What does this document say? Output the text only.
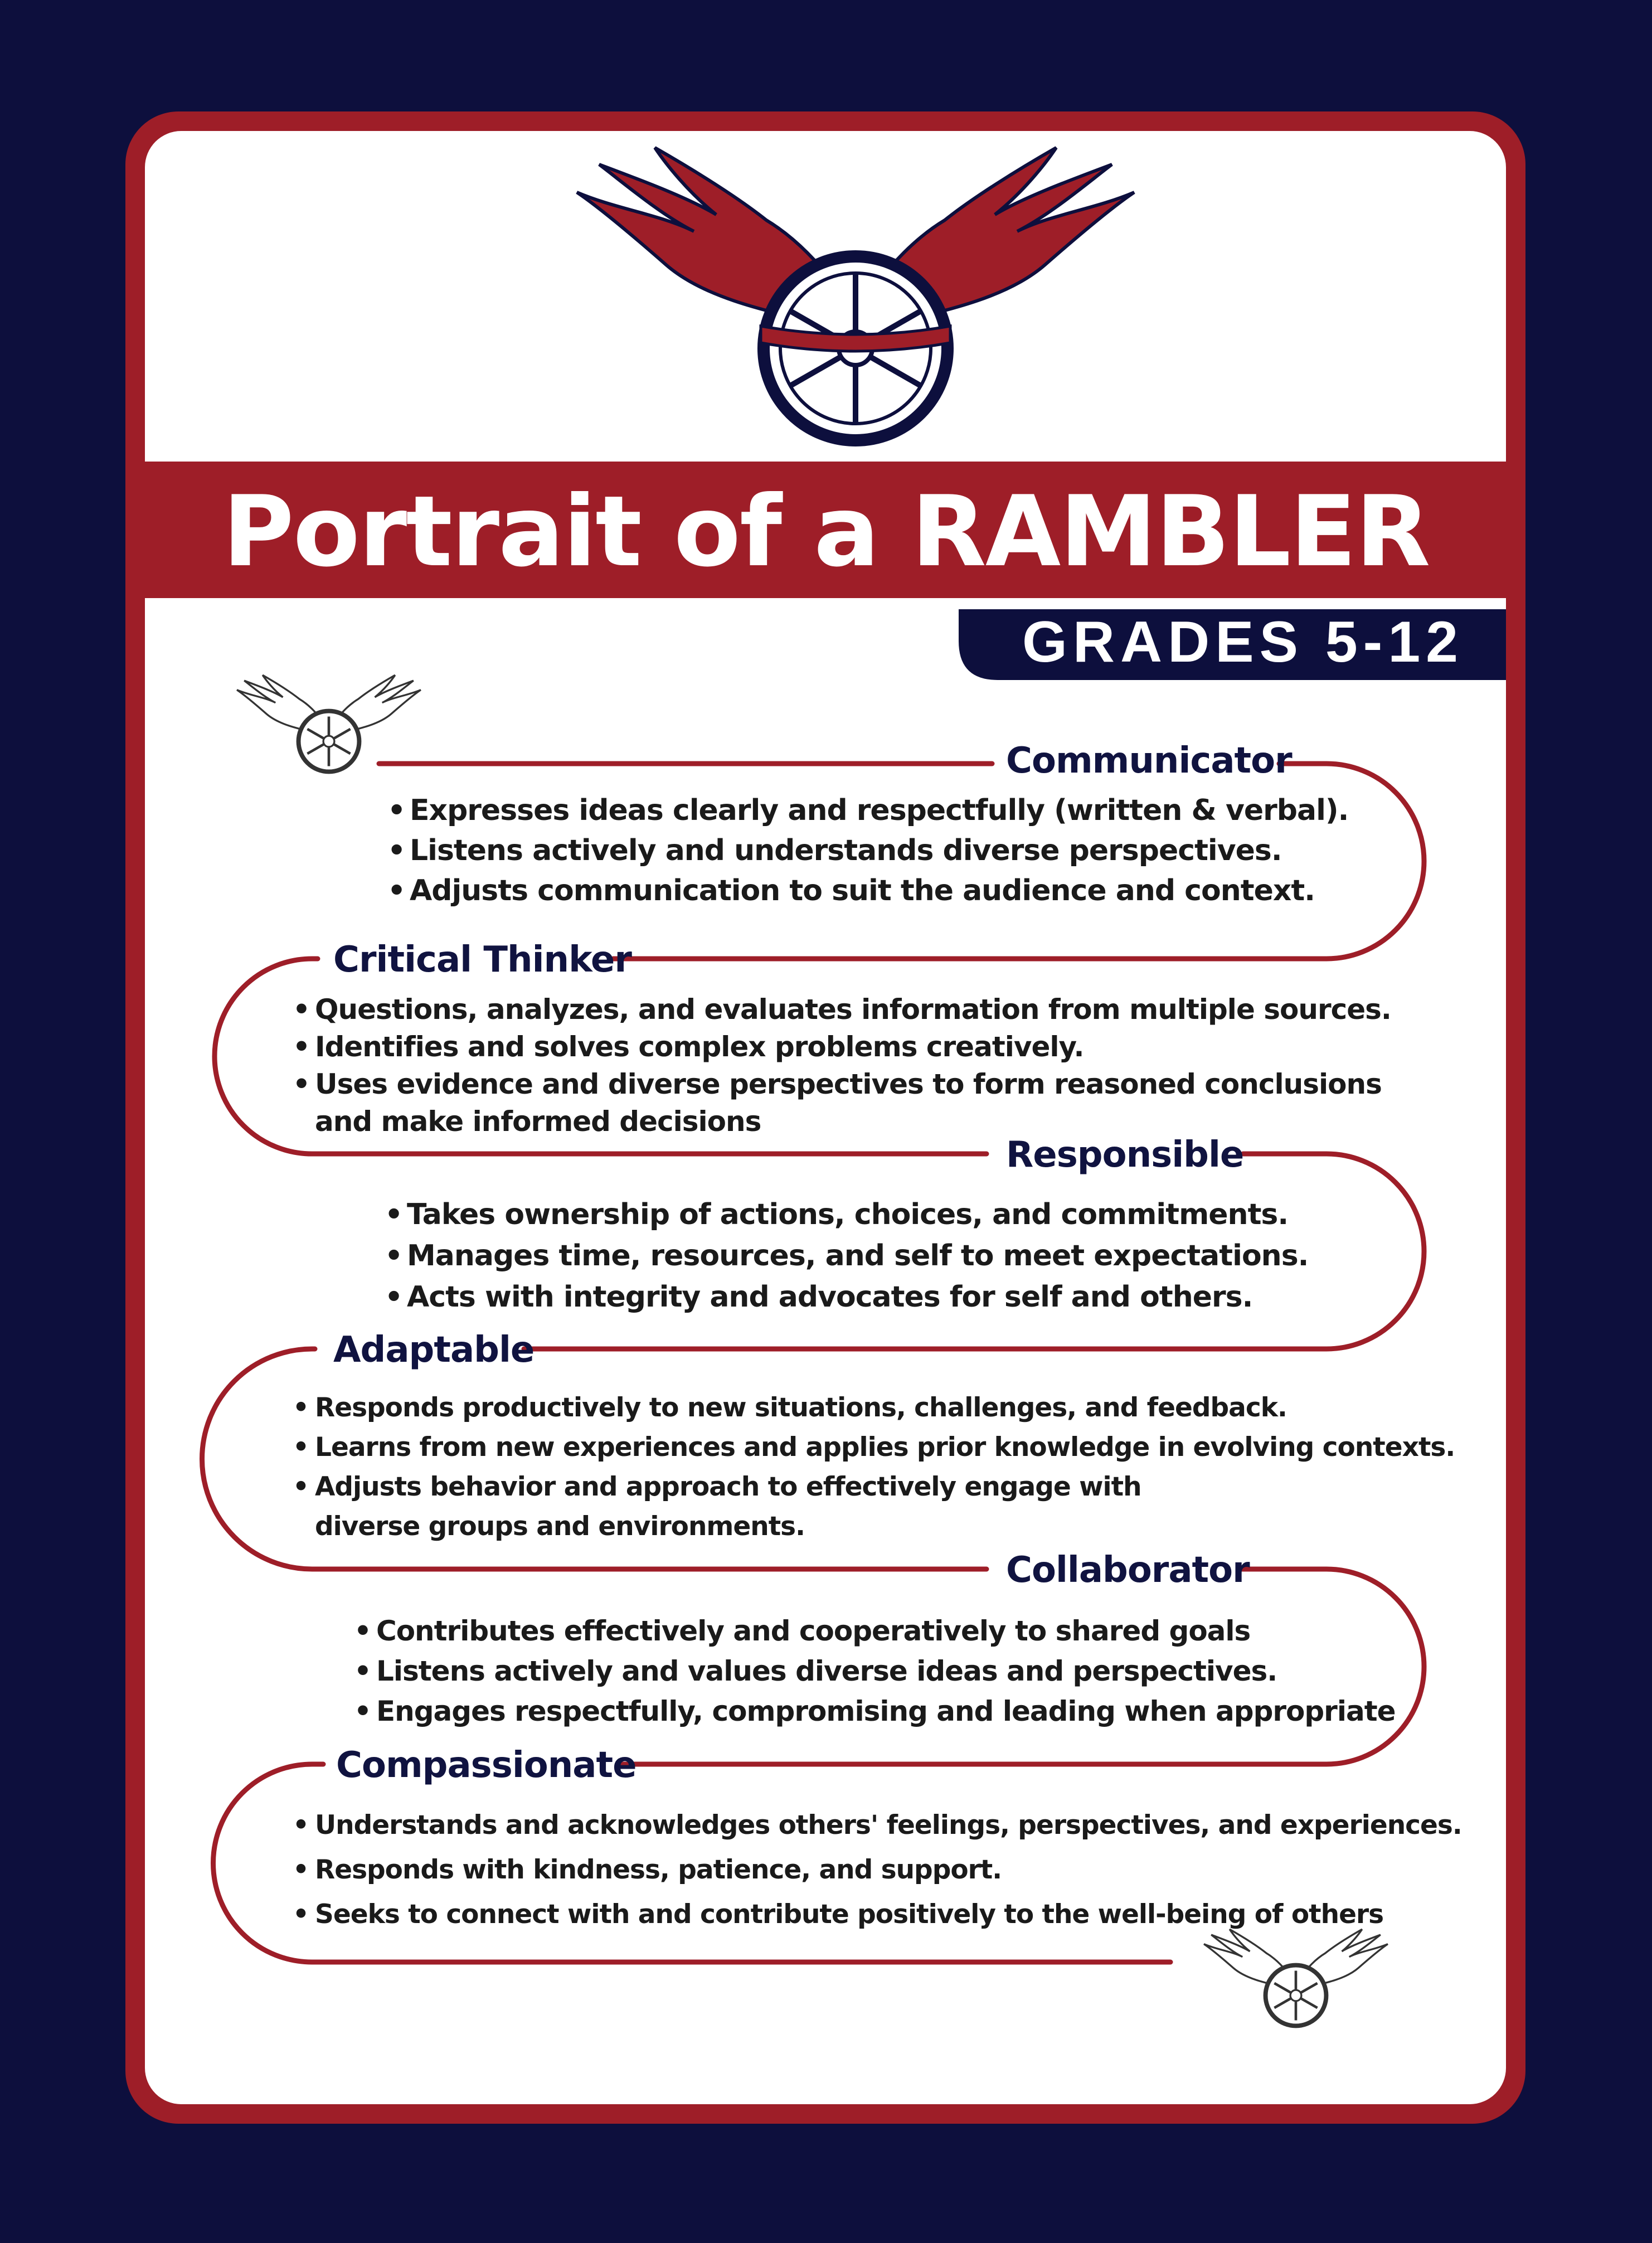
Portrait of a RAMBLER
GRADES 5-12
Communicator
• Expresses ideas clearly and respectfully (written & verbal).
• Listens actively and understands diverse perspectives.
• Adjusts communication to suit the audience and context.
Critical Thinker
• Questions, analyzes, and evaluates information from multiple sources.
• Identifies and solves complex problems creatively.
• Uses evidence and diverse perspectives to form reasoned conclusions
and make informed decisions
Responsible
• Takes ownership of actions, choices, and commitments.
• Manages time, resources, and self to meet expectations.
• Acts with integrity and advocates for self and others.
Adaptable
• Responds productively to new situations, challenges, and feedback.
• Learns from new experiences and applies prior knowledge in evolving contexts.
• Adjusts behavior and approach to effectively engage with
diverse groups and environments.
Collaborator
• Contributes effectively and cooperatively to shared goals
• Listens actively and values diverse ideas and perspectives.
• Engages respectfully, compromising and leading when appropriate
Compassionate
• Understands and acknowledges others' feelings, perspectives, and experiences.
• Responds with kindness, patience, and support.
• Seeks to connect with and contribute positively to the well-being of others
